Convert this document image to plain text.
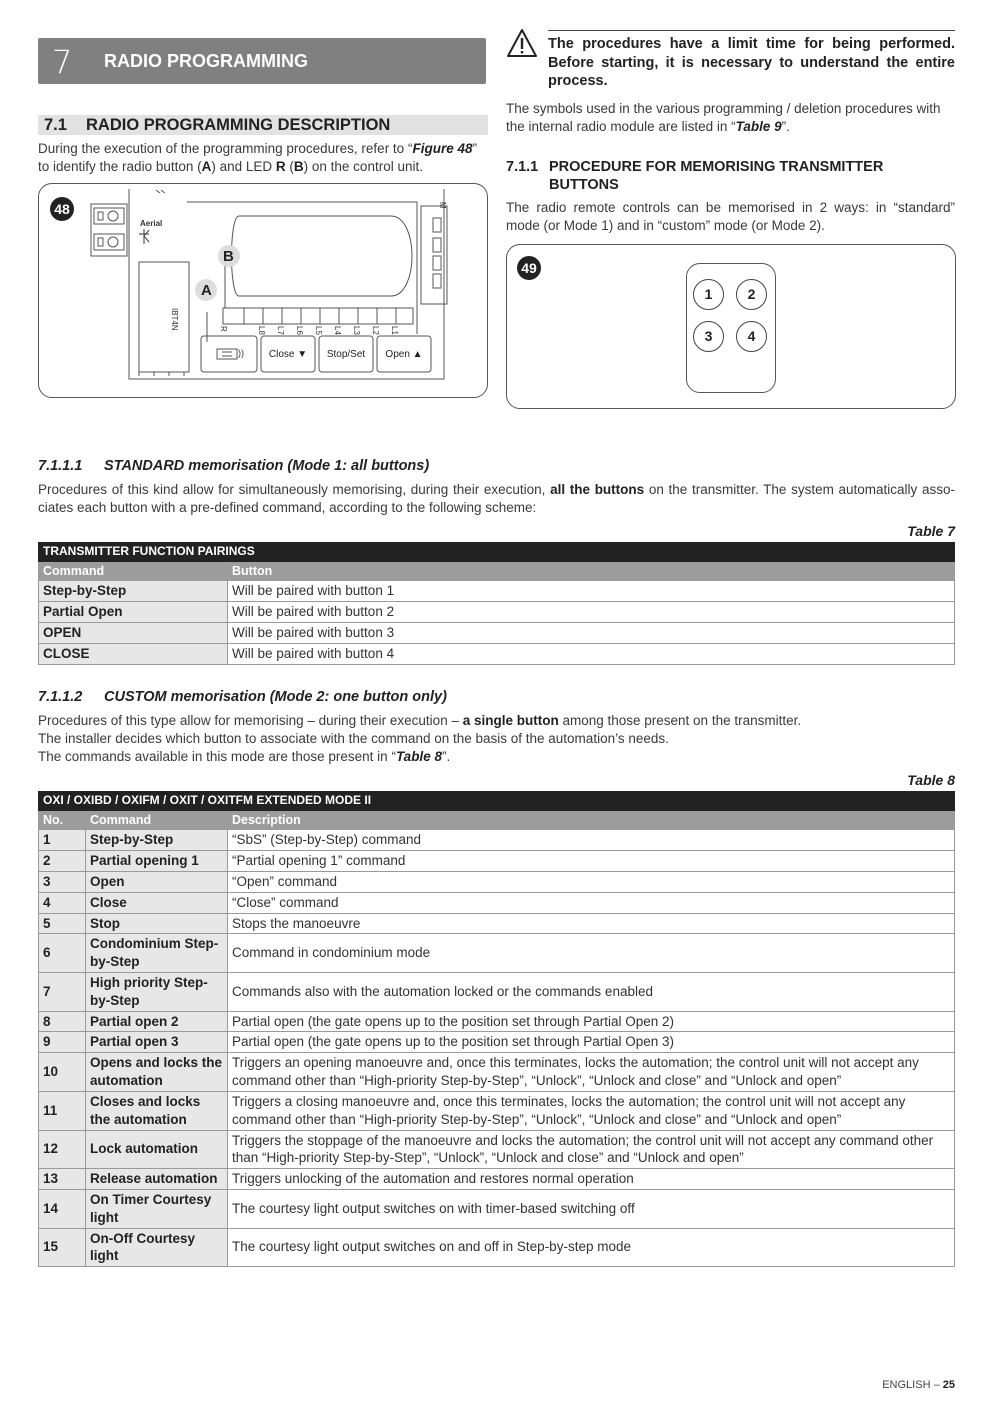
7 RADIO PROGRAMMING
7.1 RADIO PROGRAMMING DESCRIPTION

During the execution of the programming procedures, refer to “Figure 48” to identify the radio button (A) and LED R (B) on the control unit.

48
Aerial
B
A
IBT4N
M
R	L8 L7 L6 L5 L4 L3 L2 L1
))	Close ▼	Stop/Set	Open ▲

The procedures have a limit time for being performed. Before starting, it is necessary to understand the entire process.

The symbols used in the various programming / deletion procedures with the internal radio module are listed in “Table 9”.

7.1.1 PROCEDURE FOR MEMORISING TRANSMITTER
BUTTONS

The radio remote controls can be memorised in 2 ways: in “standard” mode (or Mode 1) and in “custom” mode (or Mode 2).

49
1	2
3	4
7.1.1.1 STANDARD memorisation (Mode 1: all buttons)

Procedures of this kind allow for simultaneously memorising, during their execution, all the buttons on the transmitter. The system automatically asso-ciates each button with a pre-defined command, according to the following scheme:

Table 7
TRANSMITTER FUNCTION PAIRINGS	
Command	Button
Step-by-Step	Will be paired with button 1
Partial Open	Will be paired with button 2
OPEN	Will be paired with button 3
CLOSE	Will be paired with button 4
7.1.1.2 CUSTOM memorisation (Mode 2: one button only)

Procedures of this type allow for memorising – during their execution – a single button among those present on the transmitter.
The installer decides which button to associate with the command on the basis of the automation’s needs.
The commands available in this mode are those present in “Table 8”.

Table 8
OXI / OXIBD / OXIFM / OXIT / OXITFM EXTENDED MODE II		
No.	Command	Description
1	Step-by-Step	“SbS” (Step-by-Step) command
2	Partial opening 1	“Partial opening 1” command
3	Open	“Open” command
4	Close	“Close” command
5	Stop	Stops the manoeuvre
6	Condominium Step-by-Step	Command in condominium mode
7	High priority Step-by-Step	Commands also with the automation locked or the commands enabled
8	Partial open 2	Partial open (the gate opens up to the position set through Partial Open 2)
9	Partial open 3	Partial open (the gate opens up to the position set through Partial Open 3)
10	Opens and locks the automation	Triggers an opening manoeuvre and, once this terminates, locks the automation; the control unit will not accept any command other than “High-priority Step-by-Step”, “Unlock”, “Unlock and close” and “Unlock and open”
11	Closes and locks the automation	Triggers a closing manoeuvre and, once this terminates, locks the automation; the control unit will not accept any command other than “High-priority Step-by-Step”, “Unlock”, “Unlock and close” and “Unlock and open”
12	Lock automation	Triggers the stoppage of the manoeuvre and locks the automation; the control unit will not accept any command other than “High-priority Step-by-Step”, “Unlock”, “Unlock and close” and “Unlock and open”
13	Release automation	Triggers unlocking of the automation and restores normal operation
14	On Timer Courtesy light	The courtesy light output switches on with timer-based switching off
15	On-Off Courtesy light	The courtesy light output switches on and off in Step-by-step mode
ENGLISH – 25
